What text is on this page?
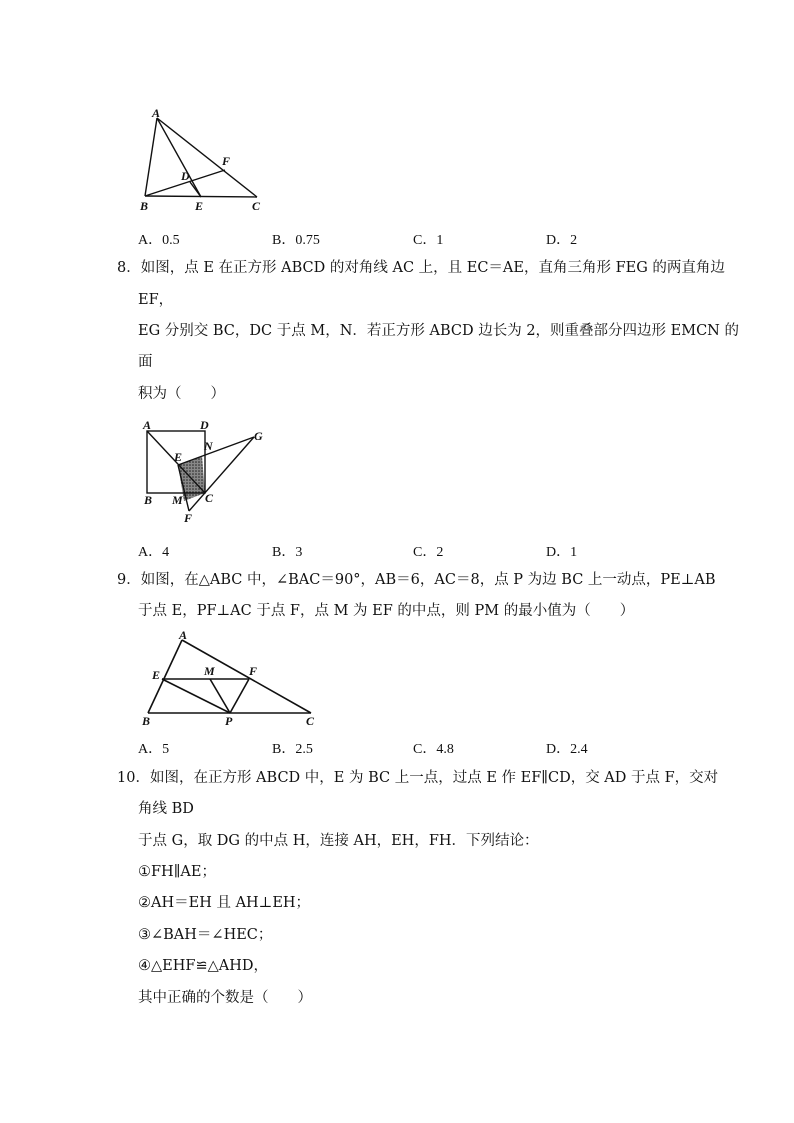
A
F
D
B	E	C
A．0.5	B．0.75	C．1	D．2
8．如图，点 E 在正方形 ABCD 的对角线 AC 上，且 EC＝AE，直角三角形 FEG 的两直角边
EF，
EG 分别交 BC，DC 于点 M，N．若正方形 ABCD 边长为 2，则重叠部分四边形 EMCN 的
面
积为（　　）
A	D
N
G
E
B M C
F
A．4	B．3	C．2	D．1
9．如图，在△ABC 中，∠BAC＝90°，AB＝6，AC＝8，点 P 为边 BC 上一动点，PE⊥AB
于点 E，PF⊥AC 于点 F，点 M 为 EF 的中点，则 PM 的最小值为（　　）
A
M	F
E
B	P	C
A．5	B．2.5	C．4.8	D．2.4
10．如图，在正方形 ABCD 中，E 为 BC 上一点，过点 E 作 EF∥CD，交 AD 于点 F，交对
角线 BD
于点 G，取 DG 的中点 H，连接 AH，EH，FH．下列结论：
①FH∥AE；
②AH＝EH 且 AH⊥EH；
③∠BAH＝∠HEC；
④△EHF≌△AHD，
其中正确的个数是（　　）
